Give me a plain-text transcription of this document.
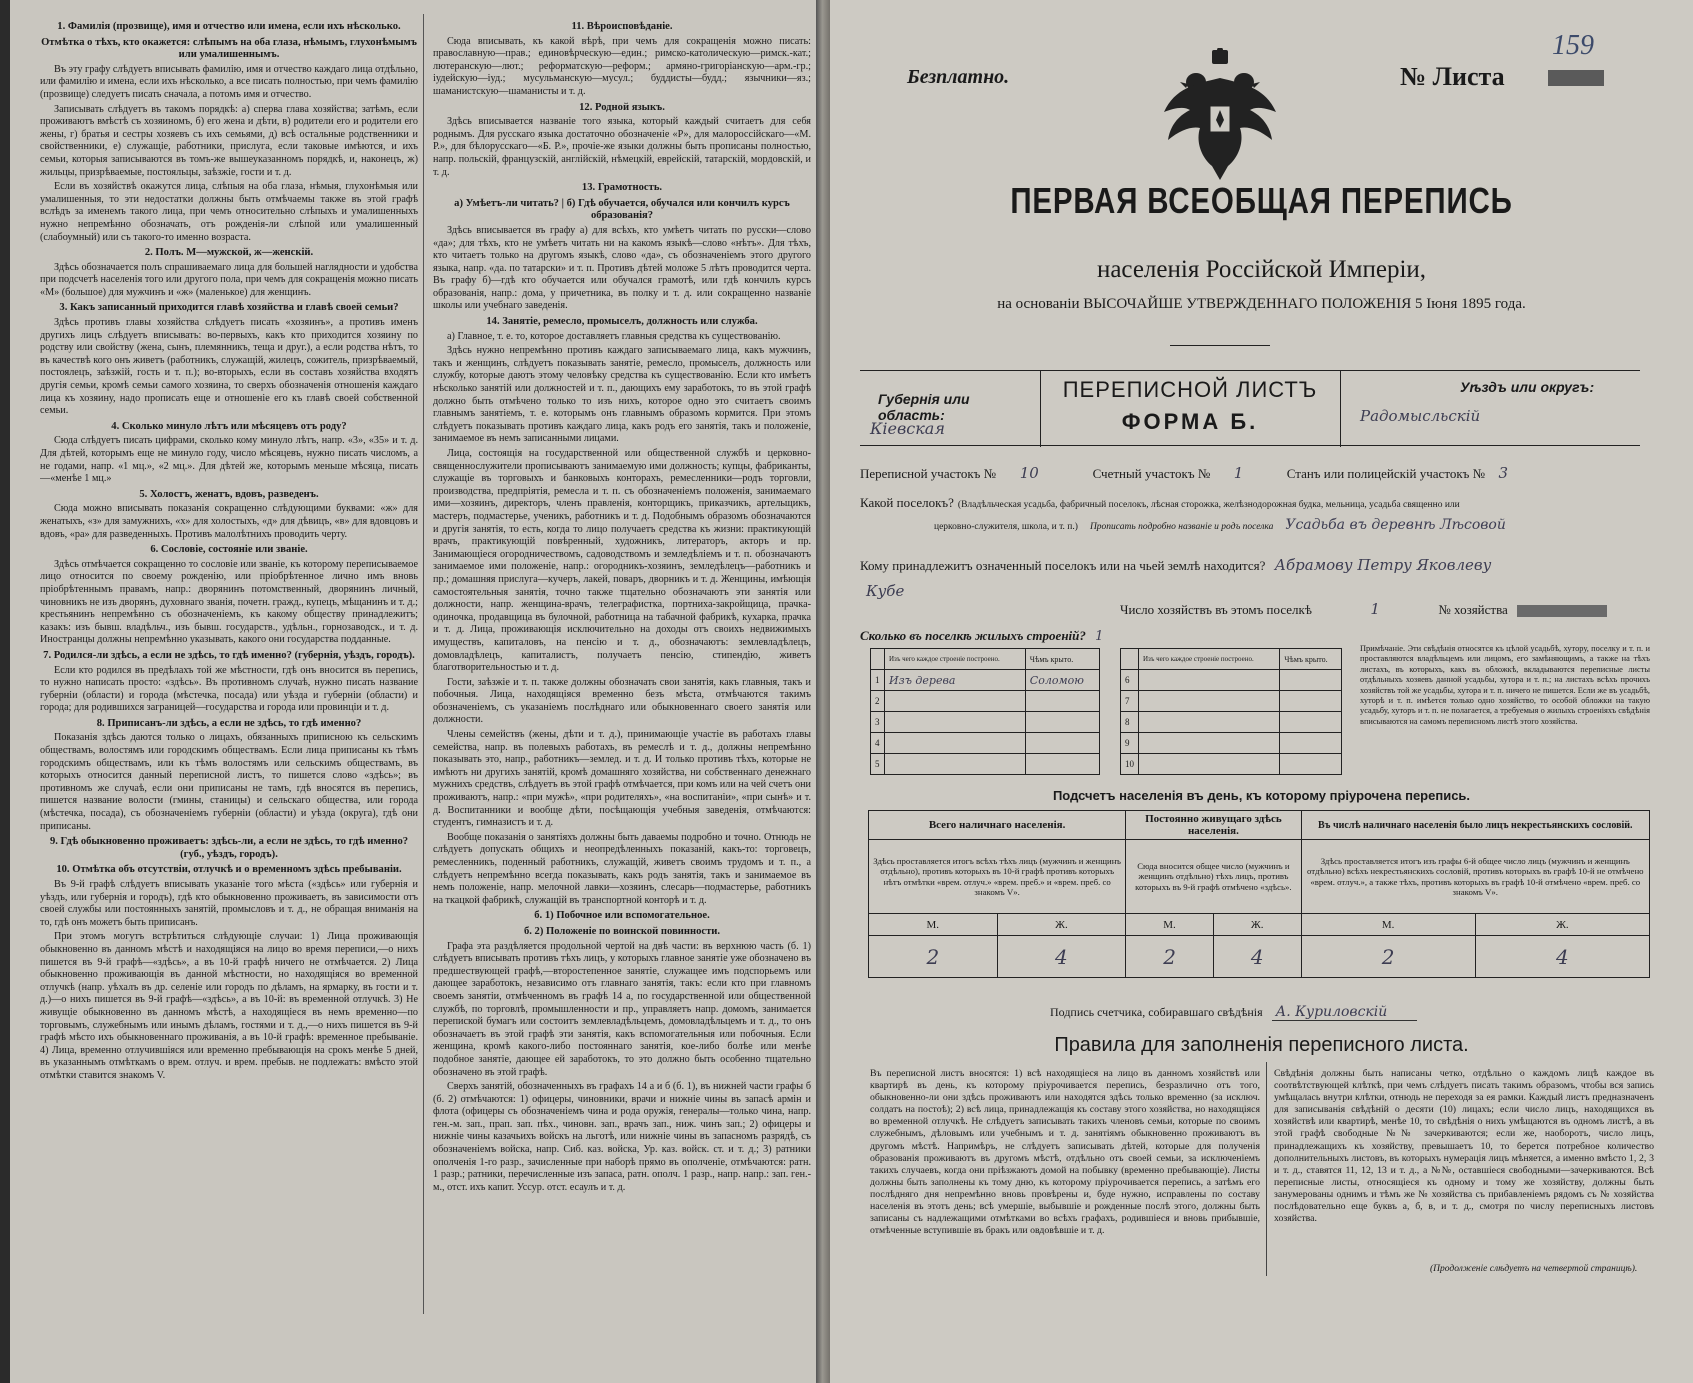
1. Фамилія (прозвище), имя и отчество или имена, если ихъ нѣсколько.
Отмѣтка о тѣхъ, кто окажется: слѣпымъ на оба глаза, нѣмымъ, глухонѣмымъ или умалишеннымъ.
Въ эту графу слѣдуетъ вписывать фамилію, имя и отчество каждаго лица отдѣльно, или фамилію и имена, если ихъ нѣсколько, а все писать полностью, при чемъ фамилію (прозвище) следуетъ писать сначала, а потомъ имя и отчество.
Записывать слѣдуетъ въ такомъ порядкѣ: а) сперва глава хозяйства; затѣмъ, если проживаютъ вмѣстѣ съ хозяиномъ, б) его жена и дѣти, в) родители его и родители его жены, г) братья и сестры хозяевъ съ ихъ семьями, д) всѣ остальные родственники и свойственники, е) служащіе, работники, прислуга, если таковые имѣются, и ихъ семьи, которыя записываются въ томъ-же вышеуказанномъ порядкѣ, и, наконецъ, ж) жильцы, призрѣваемые, постояльцы, заѣзжіе, гости и т. д.
Если въ хозяйствѣ окажутся лица, слѣпыя на оба глаза, нѣмыя, глухонѣмыя или умалишенныя, то эти недостатки должны быть отмѣчаемы также въ этой графѣ вслѣдъ за именемъ такого лица, при чемъ относительно слѣпыхъ и умалишенныхъ нужно непремѣнно обозначать, отъ рожденія-ли слѣпой или умалишенный (слабоумный) или съ такого-то именно возраста.
2. Полъ. М—мужской, ж—женскій.
Здѣсь обозначается полъ спрашиваемаго лица для большей наглядности и удобства при подсчетѣ населенія того или другого пола, при чемъ для сокращенія можно писать «М» (большое) для мужчинъ и «ж» (маленькое) для женщинъ.
3. Какъ записанный приходится главѣ хозяйства и главѣ своей семьи?
Здѣсь противъ главы хозяйства слѣдуетъ писать «хозяинъ», а противъ именъ другихъ лицъ слѣдуетъ вписывать: во-первыхъ, какъ кто приходится хозяину по родству или свойству (жена, сынъ, племянникъ, теща и друг.), а если родства нѣтъ, то въ качествѣ кого онъ живетъ (работникъ, служащій, жилецъ, сожитель, призрѣваемый, постоялецъ, заѣзжій, гость и т. п.); во-вторыхъ, если въ составъ хозяйства входятъ другія семьи, кромѣ семьи самого хозяина, то сверхъ обозначенія отношенія каждаго лица къ хозяину, надо прописать еще и отношеніе его къ главѣ своей собственной семьи.
4. Сколько минуло лѣтъ или мѣсяцевъ отъ роду?
Сюда слѣдуетъ писать цифрами, сколько кому минуло лѣтъ, напр. «3», «35» и т. д. Для дѣтей, которымъ еще не минуло году, число мѣсяцевъ, нужно писать числомъ, а не годами, напр. «1 мц.», «2 мц.». Для дѣтей же, которымъ меньше мѣсяца, писать—«менѣе 1 мц.»
5. Холостъ, женатъ, вдовъ, разведенъ.
Сюда можно вписывать показанія сокращенно слѣдующими буквами: «ж» для женатыхъ, «з» для замужнихъ, «х» для холостыхъ, «д» для дѣвицъ, «в» для вдовцовъ и вдовъ, «ра» для разведенныхъ. Противъ малолѣтнихъ проводить черту.
6. Сословіе, состояніе или званіе.
Здѣсь отмѣчается сокращенно то сословіе или званіе, къ которому переписываемое лицо относится по своему рожденію, или пріобрѣтенное лично имъ вновь пріобрѣтеннымъ правамъ, напр.: дворянинъ потомственный, дворянинъ личный, чиновникъ не изъ дворянъ, духовнаго званія, почетн. гражд., купецъ, мѣщанинъ и т. д.; крестьянинъ непремѣнно съ обозначеніемъ, къ какому обществу принадлежитъ; казакъ: изъ бывш. владѣльч., изъ бывш. государств., удѣльн., горнозаводск., и т. д. Иностранцы должны непремѣнно указывать, какого они государства подданные.
7. Родился-ли здѣсь, а если не здѣсь, то гдѣ именно? (губернія, уѣздъ, городъ).
Если кто родился въ предѣлахъ той же мѣстности, гдѣ онъ вносится въ перепись, то нужно написать просто: «здѣсь». Въ противномъ случаѣ, нужно писать название губерніи (области) и города (мѣстечка, посада) или уѣзда и губерніи (области) и города; для родившихся заграницей—государства и города или провинціи и т. д.
8. Приписанъ-ли здѣсь, а если не здѣсь, то гдѣ именно?
Показанія здѣсь даются только о лицахъ, обязанныхъ приписною къ сельскимъ обществамъ, волостямъ или городскимъ обществамъ. Если лица приписаны къ тѣмъ городскимъ обществамъ, или къ тѣмъ волостямъ или сельскимъ обществамъ, въ которыхъ относится данный переписной листъ, то пишется слово «здѣсь»; въ противномъ же случаѣ, если они приписаны не тамъ, гдѣ вносятся въ перепись, пишется название волости (гмины, станицы) и сельскаго общества, или города (мѣстечка, посада), съ обозначеніемъ губерніи (области) и уѣзда (округа), гдѣ они приписаны.
9. Гдѣ обыкновенно проживаетъ: здѣсь-ли, а если не здѣсь, то гдѣ именно? (губ., уѣздъ, городъ).
10. Отмѣтка объ отсутствіи, отлучкѣ и о временномъ здѣсь пребываніи.
Въ 9-й графѣ слѣдуетъ вписывать указаніе того мѣста («здѣсь» или губернія и уѣздъ, или губернія и городъ), гдѣ кто обыкновенно проживаетъ, въ зависимости отъ своей службы или постоянныхъ занятій, промысловъ и т. д., не обращая вниманія на то, гдѣ онъ можетъ быть приписанъ.
При этомъ могутъ встрѣтиться слѣдующіе случаи: 1) Лица проживающія обыкновенно въ данномъ мѣстѣ и находящіяся на лицо во время переписи,—о нихъ пишется въ 9-й графѣ—«здѣсь», а въ 10-й графѣ ничего не отмѣчается. 2) Лица обыкновенно проживающія въ данной мѣстности, но находящіяся во временной отлучкѣ (напр. уѣхалъ въ др. селеніе или городъ по дѣламъ, на ярмарку, въ гости и т. д.)—о нихъ пишется въ 9-й графѣ—«здѣсь», а въ 10-й: въ временной отлучкѣ. 3) Не живущіе обыкновенно въ данномъ мѣстѣ, а находящіеся въ немъ временно—по торговымъ, служебнымъ или инымъ дѣламъ, гостями и т. д.,—о нихъ пишется въ 9-й графѣ мѣсто ихъ обыкновеннаго проживанія, а въ 10-й графѣ: временное пребываніе. 4) Лица, временно отлучившіяся или временно пребывающія на срокъ менѣе 5 дней, въ указаннымъ отмѣткамъ о врем. отлуч. и врем. пребыв. не подлежатъ: вмѣсто этой отмѣтки ставится знакомъ V.
11. Вѣроисповѣданіе.
Сюда вписывать, къ какой вѣрѣ, при чемъ для сокращенія можно писать: православную—прав.; единовѣрческую—един.; римско-католическую—римск.-кат.; лютеранскую—лют.; реформатскую—реформ.; армяно-григоріанскую—арм.-гр.; іудейскую—іуд.; мусульманскую—мусул.; буддисты—будд.; язычники—яз.; шаманистскую—шаманисты и т. д.
12. Родной языкъ.
Здѣсь вписывается названіе того языка, который каждый считаетъ для себя роднымъ. Для русскаго языка достаточно обозначеніе «Р», для малороссійскаго—«М. Р.», для бѣлорусскаго—«Б. Р.», прочіе-же языки должны быть прописаны полностью, напр. польскій, французскій, англійскій, нѣмецкій, еврейскій, татарскій, мордовскій, и т. д.
13. Грамотность.
а) Умѣетъ-ли читать? | б) Гдѣ обучается, обучался или кончилъ курсъ образованія?
Здѣсь вписывается въ графу а) для всѣхъ, кто умѣетъ читать по русски—слово «да»; для тѣхъ, кто не умѣетъ читать ни на какомъ языкѣ—слово «нѣтъ». Для тѣхъ, кто читаетъ только на другомъ языкѣ, слово «да», съ обозначеніемъ этого другого языка, напр. «да. по татарски» и т. п. Противъ дѣтей моложе 5 лѣтъ проводится черта. Въ графу б)—гдѣ кто обучается или обучался грамотѣ, или гдѣ кончилъ курсъ образованія, напр.: дома, у причетника, въ полку и т. д. или сокращенно названіе школы или учебнаго заведенія.
14. Занятіе, ремесло, промыселъ, должность или служба.
а) Главное, т. е. то, которое доставляетъ главныя средства къ существованію.
Здѣсь нужно непремѣнно противъ каждаго записываемаго лица, какъ мужчинъ, такъ и женщинъ, слѣдуетъ показывать занятіе, ремесло, промыселъ, должность или службу, которые даютъ этому человѣку средства къ существованію. Если кто имѣетъ нѣсколько занятій или должностей и т. п., дающихъ ему заработокъ, то въ этой графѣ должно быть отмѣчено только то изъ нихъ, которое одно это считаетъ своимъ главнымъ занятіемъ, т. е. которымъ онъ главнымъ образомъ кормится. При этомъ слѣдуетъ показывать противъ каждаго лица, какъ родъ его занятія, такъ и положеніе, занимаемое въ немъ записанными лицами.
Лица, состоящія на государственной или общественной службѣ и церковно-священнослужители прописываютъ занимаемую ими должность; купцы, фабриканты, служащіе въ торговыхъ и банковыхъ конторахъ, ремесленники—родъ торговли, производства, предпріятія, ремесла и т. п. съ обозначеніемъ положенія, занимаемаго ими—хозяинъ, директоръ, членъ правленія, конторщикъ, приказчикъ, артельщикъ, мастеръ, подмастерье, ученикъ, работникъ и т. д. Подобнымъ образомъ обозначаются и другія занятія, то есть, когда то лицо получаетъ средства къ жизни: практикующій врачъ, практикующій повѣренный, художникъ, литераторъ, акторъ и пр. Занимающіеся огородничествомъ, садоводствомъ и земледѣліемъ и т. п. обозначаютъ занимаемое ими положеніе, напр.: огородникъ-хозяинъ, земледѣлецъ—работникъ и пр.; домашняя прислуга—кучеръ, лакей, поваръ, дворникъ и т. д. Женщины, имѣющія самостоятельныя занятія, точно также тщательно обозначаютъ эти занятія или должности, напр. женщина-врачъ, телеграфистка, портниха-закройщица, прачка-одиночка, продавщица въ булочной, работница на табачной фабрикѣ, кухарка, прачка и т. д. Лица, проживающія исключительно на доходы отъ своихъ недвижимыхъ имуществъ, капиталовъ, на пенсію и т. д., обозначаютъ: землевладѣлецъ, домовладѣлецъ, капиталистъ, получаетъ пенсію, стипендію, живетъ благотворительностью и т. д.
Гости, заѣзжіе и т. п. также должны обозначать свои занятія, какъ главныя, такъ и побочныя. Лица, находящіяся временно безъ мѣста, отмѣчаются такимъ обозначеніемъ, съ указаніемъ послѣднаго или обыкновеннаго своего занятія или должности.
Члены семействъ (жены, дѣти и т. д.), принимающіе участіе въ работахъ главы семейства, напр. въ полевыхъ работахъ, въ ремеслѣ и т. д., должны непремѣнно показывать это, напр., работникъ—землед. и т. д. И только противъ тѣхъ, которые не имѣютъ ни другихъ занятій, кромѣ домашняго хозяйства, ни собственнаго денежнаго мужнихъ средствъ, слѣдуетъ въ этой графѣ отмѣчается, при комъ или на чей счетъ они проживаютъ, напр.: «при мужѣ», «при родителяхъ», «на воспитаніи», «при сынѣ» и т. д. Воспитанники и вообще дѣти, посѣщающія учебныя заведенія, отмѣчаются: студентъ, гимназистъ и т. д.
Вообще показанія о занятіяхъ должны быть даваемы подробно и точно. Отнюдь не слѣдуетъ допускать общихъ и неопредѣленныхъ показаній, какъ-то: торговецъ, ремесленникъ, поденный работникъ, служащій, живетъ своимъ трудомъ и т. п., а слѣдуетъ непремѣнно всегда показывать, какъ родъ занятія, такъ и занимаемое въ немъ положеніе, напр. мелочной лавки—хозяинъ, слесарь—подмастерье, работникъ на ткацкой фабрикѣ, служащій въ транспортной конторѣ и т. д.
б. 1) Побочное или вспомогательное.
б. 2) Положеніе по воинской повинности.
Графа эта раздѣляется продольной чертой на двѣ части: въ верхнюю часть (б. 1) слѣдуетъ вписывать противъ тѣхъ лицъ, у которыхъ главное занятіе уже обозначено въ предшествующей графѣ,—второстепенное занятіе, служащее имъ подспорьемъ или дающее заработокъ, независимо отъ главнаго занятія, такъ: если кто при главномъ своемъ занятіи, отмѣченномъ въ графѣ 14 а, по государственной или общественной службѣ, по торговлѣ, промышленности и пр., управляетъ напр. домомъ, занимается перепиской бумагъ или состоитъ землевладѣльцемъ, домовладѣльцемъ и т. д., то онъ обозначаетъ въ этой графѣ эти занятія, какъ вспомогательныя или побочныя. Если женщина, кромѣ какого-либо постояннаго занятія, кое-либо болѣе или менѣе подобное занятіе, дающее ей заработокъ, то это должно быть особенно тщательно обозначено въ этой графѣ.
Сверхъ занятій, обозначенныхъ въ графахъ 14 а и б (б. 1), въ нижней части графы б (б. 2) отмѣчаются: 1) офицеры, чиновники, врачи и нижніе чины въ запасѣ армін и флота (офицеры съ обозначеніемъ чина и рода оружія, генералы—только чина, напр. ген.-м. зап., прап. зап. пѣх., чиновн. зап., врачъ зап., ниж. чинъ зап.; 2) офицеры и нижніе чины казачьихъ войскъ на льготѣ, или нижніе чины въ запасномъ разрядѣ, съ обозначеніемъ войска, напр. Сиб. каз. войска, Ур. каз. войск. ст. и т. д.; 3) ратники ополченія 1-го разр., зачисленные при наборѣ прямо въ ополченіе, отмѣчаются: ратн. 1 разр.; ратники, перечисленные изъ запаса, ратн. ополч. 1 разр., напр. напр.: зап. ген.-м., отст. ихъ капит. Уссур. отст. есаулъ и т. д.
Безплатно.	№ Листа
159
ПЕРВАЯ ВСЕОБЩАЯ ПЕРЕПИСЬ
населенія Россійской Имперіи,
на основаніи ВЫСОЧАЙШЕ УТВЕРЖДЕННАГО ПОЛОЖЕНІЯ 5 Іюня 1895 года.
Губернія или область:
Кіевская
ПЕРЕПИСНОЙ ЛИСТЪ
ФОРМА Б.
Уѣздъ или округъ:
Радомысльскій
Переписной участокъ № 10	Счетный участокъ № 1	Станъ или полицейскій участокъ № 3
Какой поселокъ? (Владѣльческая усадьба, фабричный поселокъ, лѣсная сторожка, желѣзнодорожная будка, мельница, усадьба священно или
церковно-служителя, школа, и т. п.) Прописать подробно названіе и родъ поселка Усадьба въ деревнѣ Лѣсовой
Кому принадлежитъ означенный поселокъ или на чьей землѣ находится? Абрамову Петру Яковлеву
Кубе
Число хозяйствъ въ этомъ поселкѣ	1	№ хозяйства
Сколько въ поселкѣ жилыхъ строеній? 1
	Изъ чего каждое строеніе построено.	Чѣмъ крыто.
1	Изъ дерева	Соломою
2		
3		
4		
5		
	Изъ чего каждое строеніе построено.	Чѣмъ крыто.
6		
7		
8		
9		
10		
Примѣчаніе. Эти свѣдѣнія относятся къ цѣлой усадьбѣ, хутору, поселку и т. п. и проставляются владѣльцемъ или лицомъ, его замѣняющимъ, а также на тѣхъ листахъ, въ которыхъ, какъ въ обложкѣ, вкладываются переписные листы отдѣльныхъ хозяевъ данной усадьбы, хутора и т. п.; на листахъ всѣхъ прочихъ хозяйствъ той же усадьбы, хутора и т. п. ничего не пишется. Если же въ усадьбѣ, хуторѣ и т. п. имѣется только одно хозяйство, то особой обложки на такую усадьбу, хуторъ и т. п. не полагается, а требуемыя о жилыхъ строеніяхъ свѣдѣнія вписываются на самомъ переписномъ листѣ этого хозяйства.
Подсчетъ населенія въ день, къ которому пріурочена перепись.
Всего наличнаго населенія.		Постоянно живущаго здѣсь населенія.		Въ числѣ наличнаго населенія было лицъ некрестьянскихъ сословій.	
Здѣсь проставляется итогъ всѣхъ тѣхъ лицъ (мужчинъ и женщинъ отдѣльно), противъ которыхъ въ 10-й графѣ противъ которыхъ нѣтъ отмѣтки «врем. отлуч.» «врем. преб.» и «врем. преб. со знакомъ V».		Сюда вносится общее число (мужчинъ и женщинъ отдѣльно) тѣхъ лицъ, противъ которыхъ въ 9-й графѣ отмѣчено «здѣсь».		Здѣсь проставляется итогъ изъ графы 6-й общее число лицъ (мужчинъ и женщинъ отдѣльно) всѣхъ некрестьянскихъ сословій, противъ которыхъ въ графѣ 10-й не отмѣчено «врем. отлуч.», а также тѣхъ, противъ которыхъ въ графѣ 10-й отмѣчено «врем. преб. со знакомъ V».	
М.	Ж.	М.	Ж.	М.	Ж.
2	4	2	4	2	4
Подпись счетчика, собиравшаго свѣдѣнія А. Куриловскій
Правила для заполненія переписного листа.
Въ переписной листъ вносятся: 1) всѣ находящіеся на лицо въ данномъ хозяйствѣ или квартирѣ въ день, къ которому пріурочивается перепись, безразлично отъ того, обыкновенно-ли они здѣсь проживаютъ или находятся здѣсь только временно (за исключ. солдатъ на постоѣ); 2) всѣ лица, принадлежащія къ составу этого хозяйства, но находящіяся во временной отлучкѣ. Не слѣдуетъ записывать такихъ членовъ семьи, которые по своимъ служебнымъ, дѣловымъ или учебнымъ и т. д. занятіямъ обыкновенно проживаютъ въ другомъ мѣстѣ. Напримѣръ, не слѣдуетъ записывать дѣтей, которые для полученія образованія проживаютъ въ другомъ мѣстѣ, отдѣльно отъ своей семьи, за исключеніемъ такихъ случаевъ, когда они пріѣзжаютъ домой на побывку (временно пребывающіе). Листы должны быть заполнены къ тому дню, къ которому пріурочивается перепись, а затѣмъ его послѣдняго дня непремѣнно вновь провѣрены и, буде нужно, исправлены по составу населенія въ этотъ день; всѣ умершіе, выбывшіе и рожденные послѣ этого, должны быть записаны съ надлежащими отмѣтками во всѣхъ графахъ, родившіеся и вновь прибывшіе, отмѣченные вступившіе въ бракъ или овдовѣвшіе и т. д.
Свѣдѣнія должны быть написаны четко, отдѣльно о каждомъ лицѣ каждое въ соотвѣтствующей клѣткѣ, при чемъ слѣдуетъ писать такимъ образомъ, чтобы вся запись умѣщалась внутри клѣтки, отнюдь не переходя за ея рамки. Каждый листъ предназначенъ для записыванія свѣдѣній о десяти (10) лицахъ; если число лицъ, находящихся въ хозяйствѣ или квартирѣ, менѣе 10, то свѣдѣнія о нихъ умѣщаются въ одномъ листѣ, а въ этой графѣ свободные №№ зачеркиваются; если же, наоборотъ, число лицъ, принадлежащихъ къ хозяйству, превышаетъ 10, то берется потребное количество дополнительныхъ листовъ, въ которыхъ нумерація лицъ мѣняется, а именно вмѣсто 1, 2, 3 и т. д., ставятся 11, 12, 13 и т. д., а №№, оставшіеся свободными—зачеркиваются. Всѣ переписные листы, относящіеся къ одному и тому же хозяйству, должны быть занумерованы однимъ и тѣмъ же № хозяйства съ прибавленіемъ рядомъ съ № хозяйства послѣдовательно еще буквъ а, б, в, и т. д., смотря по числу переписныхъ листовъ хозяйства.
(Продолженіе слѣдуетъ на четвертой страницѣ).
